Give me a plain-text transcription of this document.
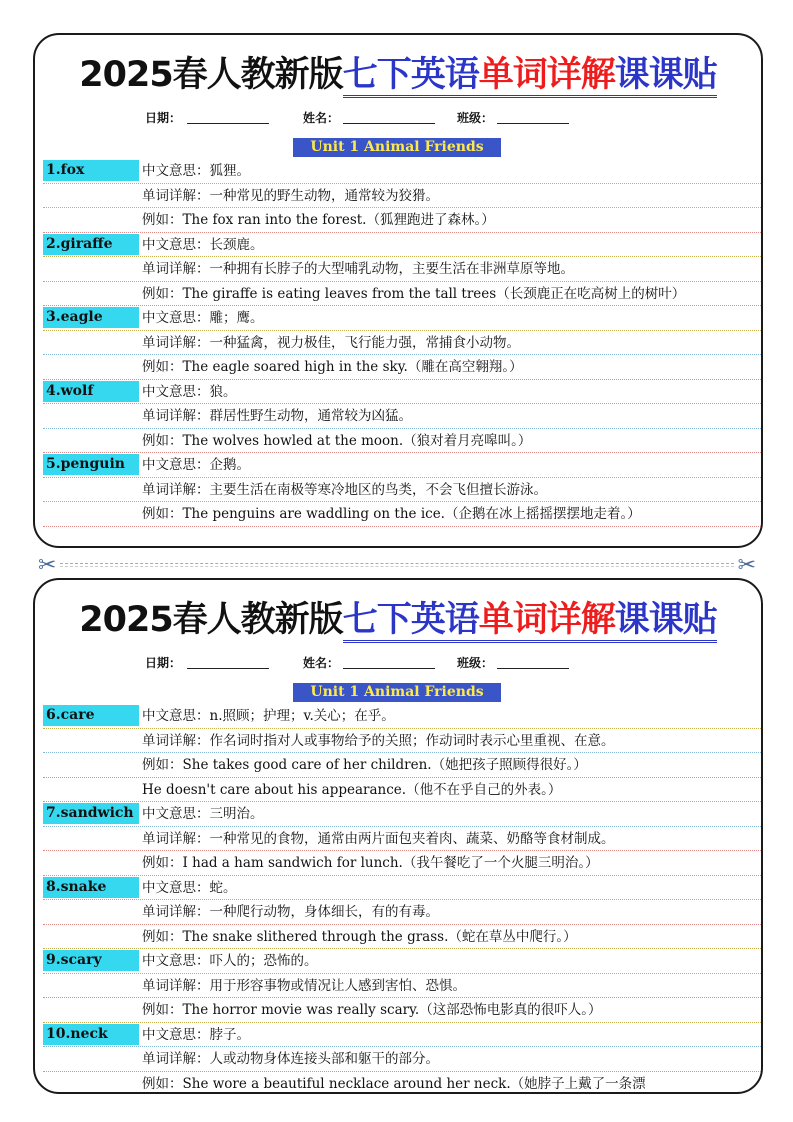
2025春人教新版七下英语单词详解课课贴
日期：	姓名：	班级：
Unit 1 Animal Friends
1.fox	中文意思：狐狸。
单词详解：一种常见的野生动物，通常较为狡猾。
例如：The fox ran into the forest.（狐狸跑进了森林。）
2.giraffe	中文意思：长颈鹿。
单词详解：一种拥有长脖子的大型哺乳动物，主要生活在非洲草原等地。
例如：The giraffe is eating leaves from the tall trees（长颈鹿正在吃高树上的树叶）
3.eagle	中文意思：雕；鹰。
单词详解：一种猛禽，视力极佳，飞行能力强，常捕食小动物。
例如：The eagle soared high in the sky.（雕在高空翱翔。）
4.wolf	中文意思：狼。
单词详解：群居性野生动物，通常较为凶猛。
例如：The wolves howled at the moon.（狼对着月亮嗥叫。）
5.penguin	中文意思：企鹅。
单词详解：主要生活在南极等寒冷地区的鸟类，不会飞但擅长游泳。
例如：The penguins are waddling on the ice.（企鹅在冰上摇摇摆摆地走着。）
✂	✂
2025春人教新版七下英语单词详解课课贴
日期：	姓名：	班级：
Unit 1 Animal Friends
6.care	中文意思：n.照顾；护理；v.关心；在乎。
单词详解：作名词时指对人或事物给予的关照；作动词时表示心里重视、在意。
例如：She takes good care of her children.（她把孩子照顾得很好。）
He doesn't care about his appearance.（他不在乎自己的外表。）
7.sandwich 中文意思：三明治。
单词详解：一种常见的食物，通常由两片面包夹着肉、蔬菜、奶酪等食材制成。
例如：I had a ham sandwich for lunch.（我午餐吃了一个火腿三明治。）
8.snake	中文意思：蛇。
单词详解：一种爬行动物，身体细长，有的有毒。
例如：The snake slithered through the grass.（蛇在草丛中爬行。）
9.scary	中文意思：吓人的；恐怖的。
单词详解：用于形容事物或情况让人感到害怕、恐惧。
例如：The horror movie was really scary.（这部恐怖电影真的很吓人。）
10.neck	中文意思：脖子。
单词详解：人或动物身体连接头部和躯干的部分。
例如：She wore a beautiful necklace around her neck.（她脖子上戴了一条漂
